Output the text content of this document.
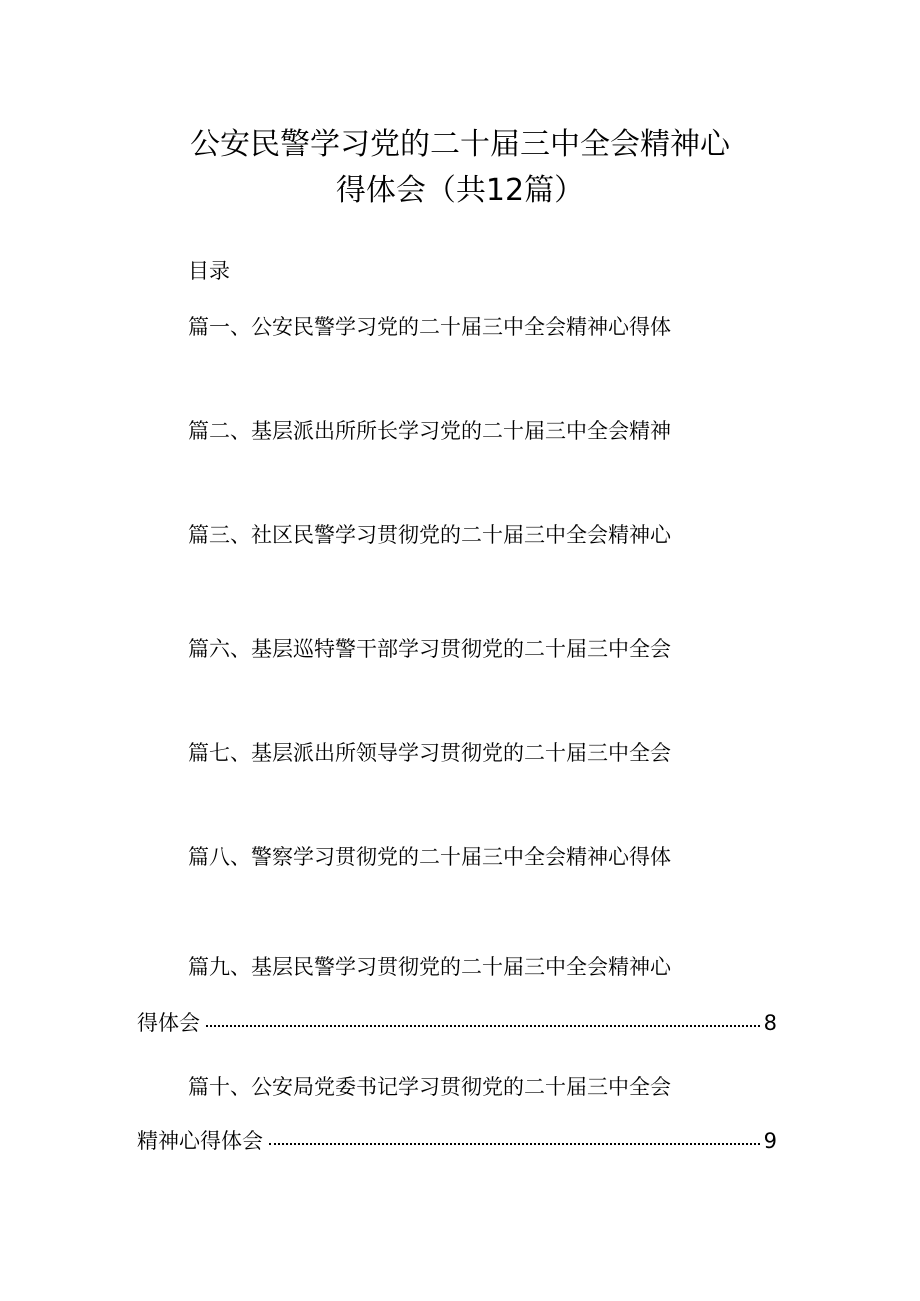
公安民警学习党的二十届三中全会精神心
得体会（共12篇）
目录
篇一、公安民警学习党的二十届三中全会精神心得体
篇二、基层派出所所长学习党的二十届三中全会精神
篇三、社区民警学习贯彻党的二十届三中全会精神心
篇六、基层巡特警干部学习贯彻党的二十届三中全会
篇七、基层派出所领导学习贯彻党的二十届三中全会
篇八、警察学习贯彻党的二十届三中全会精神心得体
篇九、基层民警学习贯彻党的二十届三中全会精神心
得体会	8
篇十、公安局党委书记学习贯彻党的二十届三中全会
精神心得体会	9
